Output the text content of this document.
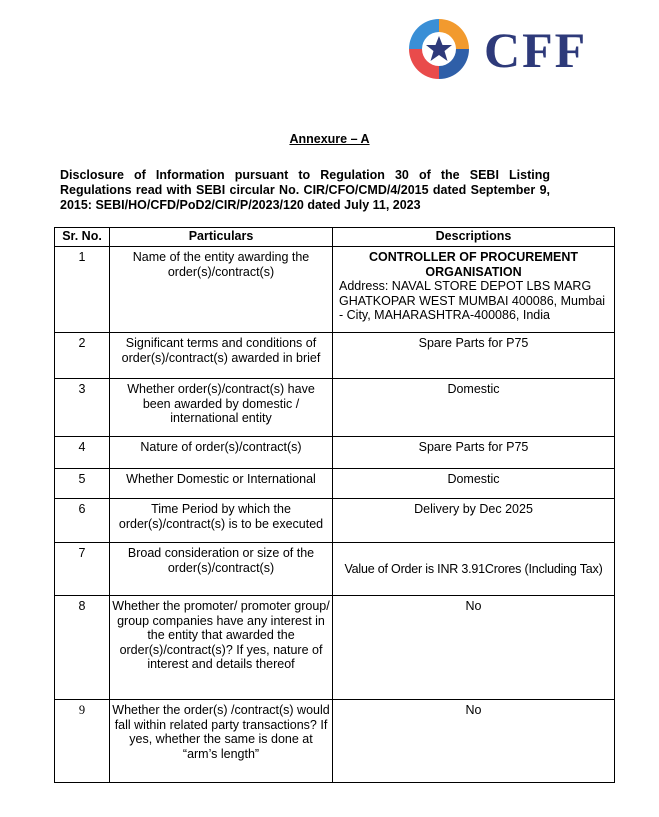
CFF
Annexure – A
Disclosure of Information pursuant to Regulation 30 of the SEBI Listing Regulations read with SEBI circular No. CIR/CFO/CMD/4/2015 dated September 9, 2015: SEBI/HO/CFD/PoD2/CIR/P/2023/120 dated July 11, 2023
Sr. No.	Particulars	Descriptions
1	Name of the entity awarding the order(s)/contract(s)	CONTROLLER OF PROCUREMENT ORGANISATION
Address: NAVAL STORE DEPOT LBS MARG GHATKOPAR WEST MUMBAI 400086, Mumbai - City, MAHARASHTRA-400086, India

2	Significant terms and conditions of order(s)/contract(s) awarded in brief	Spare Parts for P75
3	Whether order(s)/contract(s) have been awarded by domestic / international entity	Domestic
4	Nature of order(s)/contract(s)	Spare Parts for P75
5	Whether Domestic or International	Domestic
6	Time Period by which the order(s)/contract(s) is to be executed	Delivery by Dec 2025
7	Broad consideration or size of the order(s)/contract(s)	Value of Order is INR 3.91Crores (Including Tax)
8	Whether the promoter/ promoter group/ group companies have any interest in the entity that awarded the order(s)/contract(s)? If yes, nature of interest and details thereof	No
9	Whether the order(s) /contract(s) would fall within related party transactions? If yes, whether the same is done at “arm’s length”	No
